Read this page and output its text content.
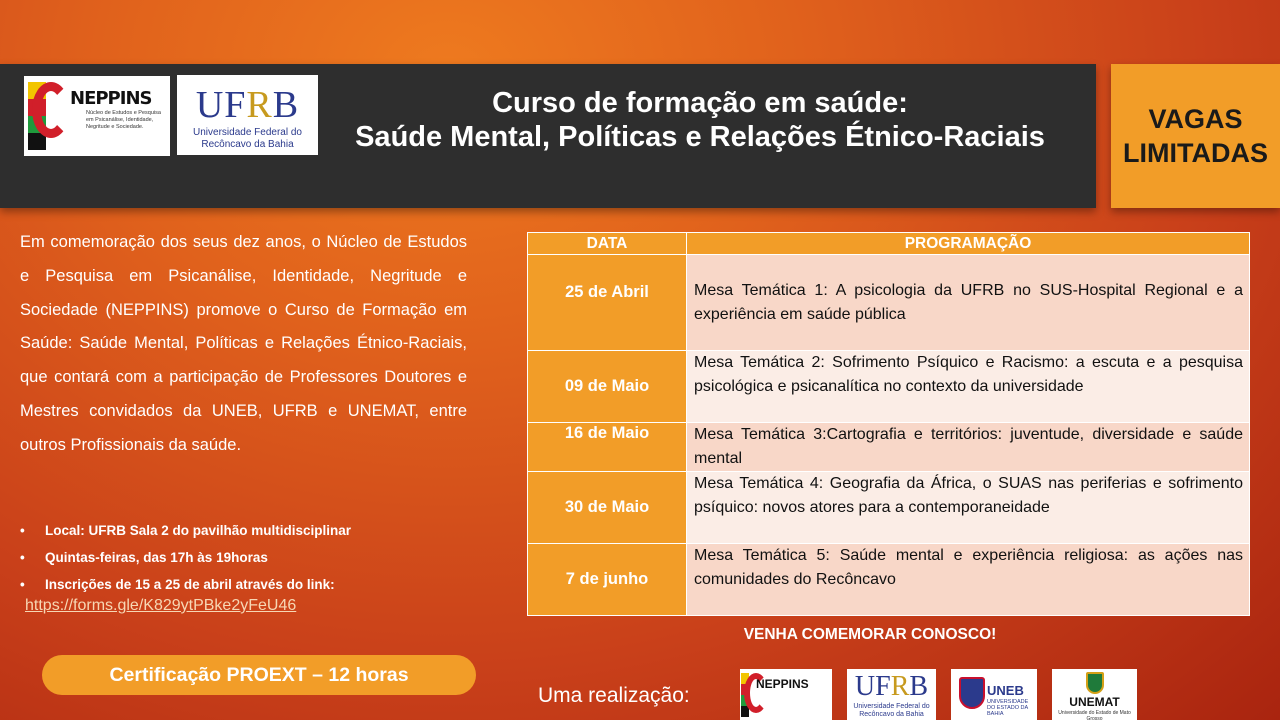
NEPPINS
Núcleo de Estudos e Pesquisa em Psicanálise, Identidade, Negritude e Sociedade.
UFRB
Universidade Federal do
Recôncavo da Bahia
Curso de formação em saúde:
Saúde Mental, Políticas e Relações Étnico-Raciais
VAGAS
LIMITADAS
Em comemoração dos seus dez anos, o Núcleo de Estudos e Pesquisa em Psicanálise, Identidade, Negritude e Sociedade (NEPPINS) promove o Curso de Formação em Saúde: Saúde Mental, Políticas e Relações Étnico-Raciais, que contará com a participação de Professores Doutores e Mestres convidados da UNEB, UFRB e UNEMAT, entre outros Profissionais da saúde.
• Local: UFRB Sala 2 do pavilhão multidisciplinar
• Quintas-feiras, das 17h às 19horas
• Inscrições de 15 a 25 de abril através do link:
https://forms.gle/K829ytPBke2yFeU46
Certificação PROEXT – 12 horas
DATA	PROGRAMAÇÃO
25 de Abril	Mesa Temática 1: A psicologia da UFRB no SUS-Hospital Regional e a experiência em saúde pública
09 de Maio	Mesa Temática 2: Sofrimento Psíquico e Racismo: a escuta e a pesquisa psicológica e psicanalítica no contexto da universidade
16 de Maio	Mesa Temática 3:Cartografia e territórios: juventude, diversidade e saúde mental
30 de Maio	Mesa Temática 4: Geografia da África, o SUAS nas periferias e sofrimento psíquico: novos atores para a contemporaneidade
7 de junho	Mesa Temática 5: Saúde mental e experiência religiosa: as ações nas comunidades do Recôncavo
VENHA COMEMORAR CONOSCO!
Uma realização:	NEPPINS	UFRB
Universidade Federal do
Recôncavo da Bahia
UNEB
UNIVERSIDADE DO ESTADO DA BAHIA
UNEMAT
Universidade do Estado de Mato Grosso
